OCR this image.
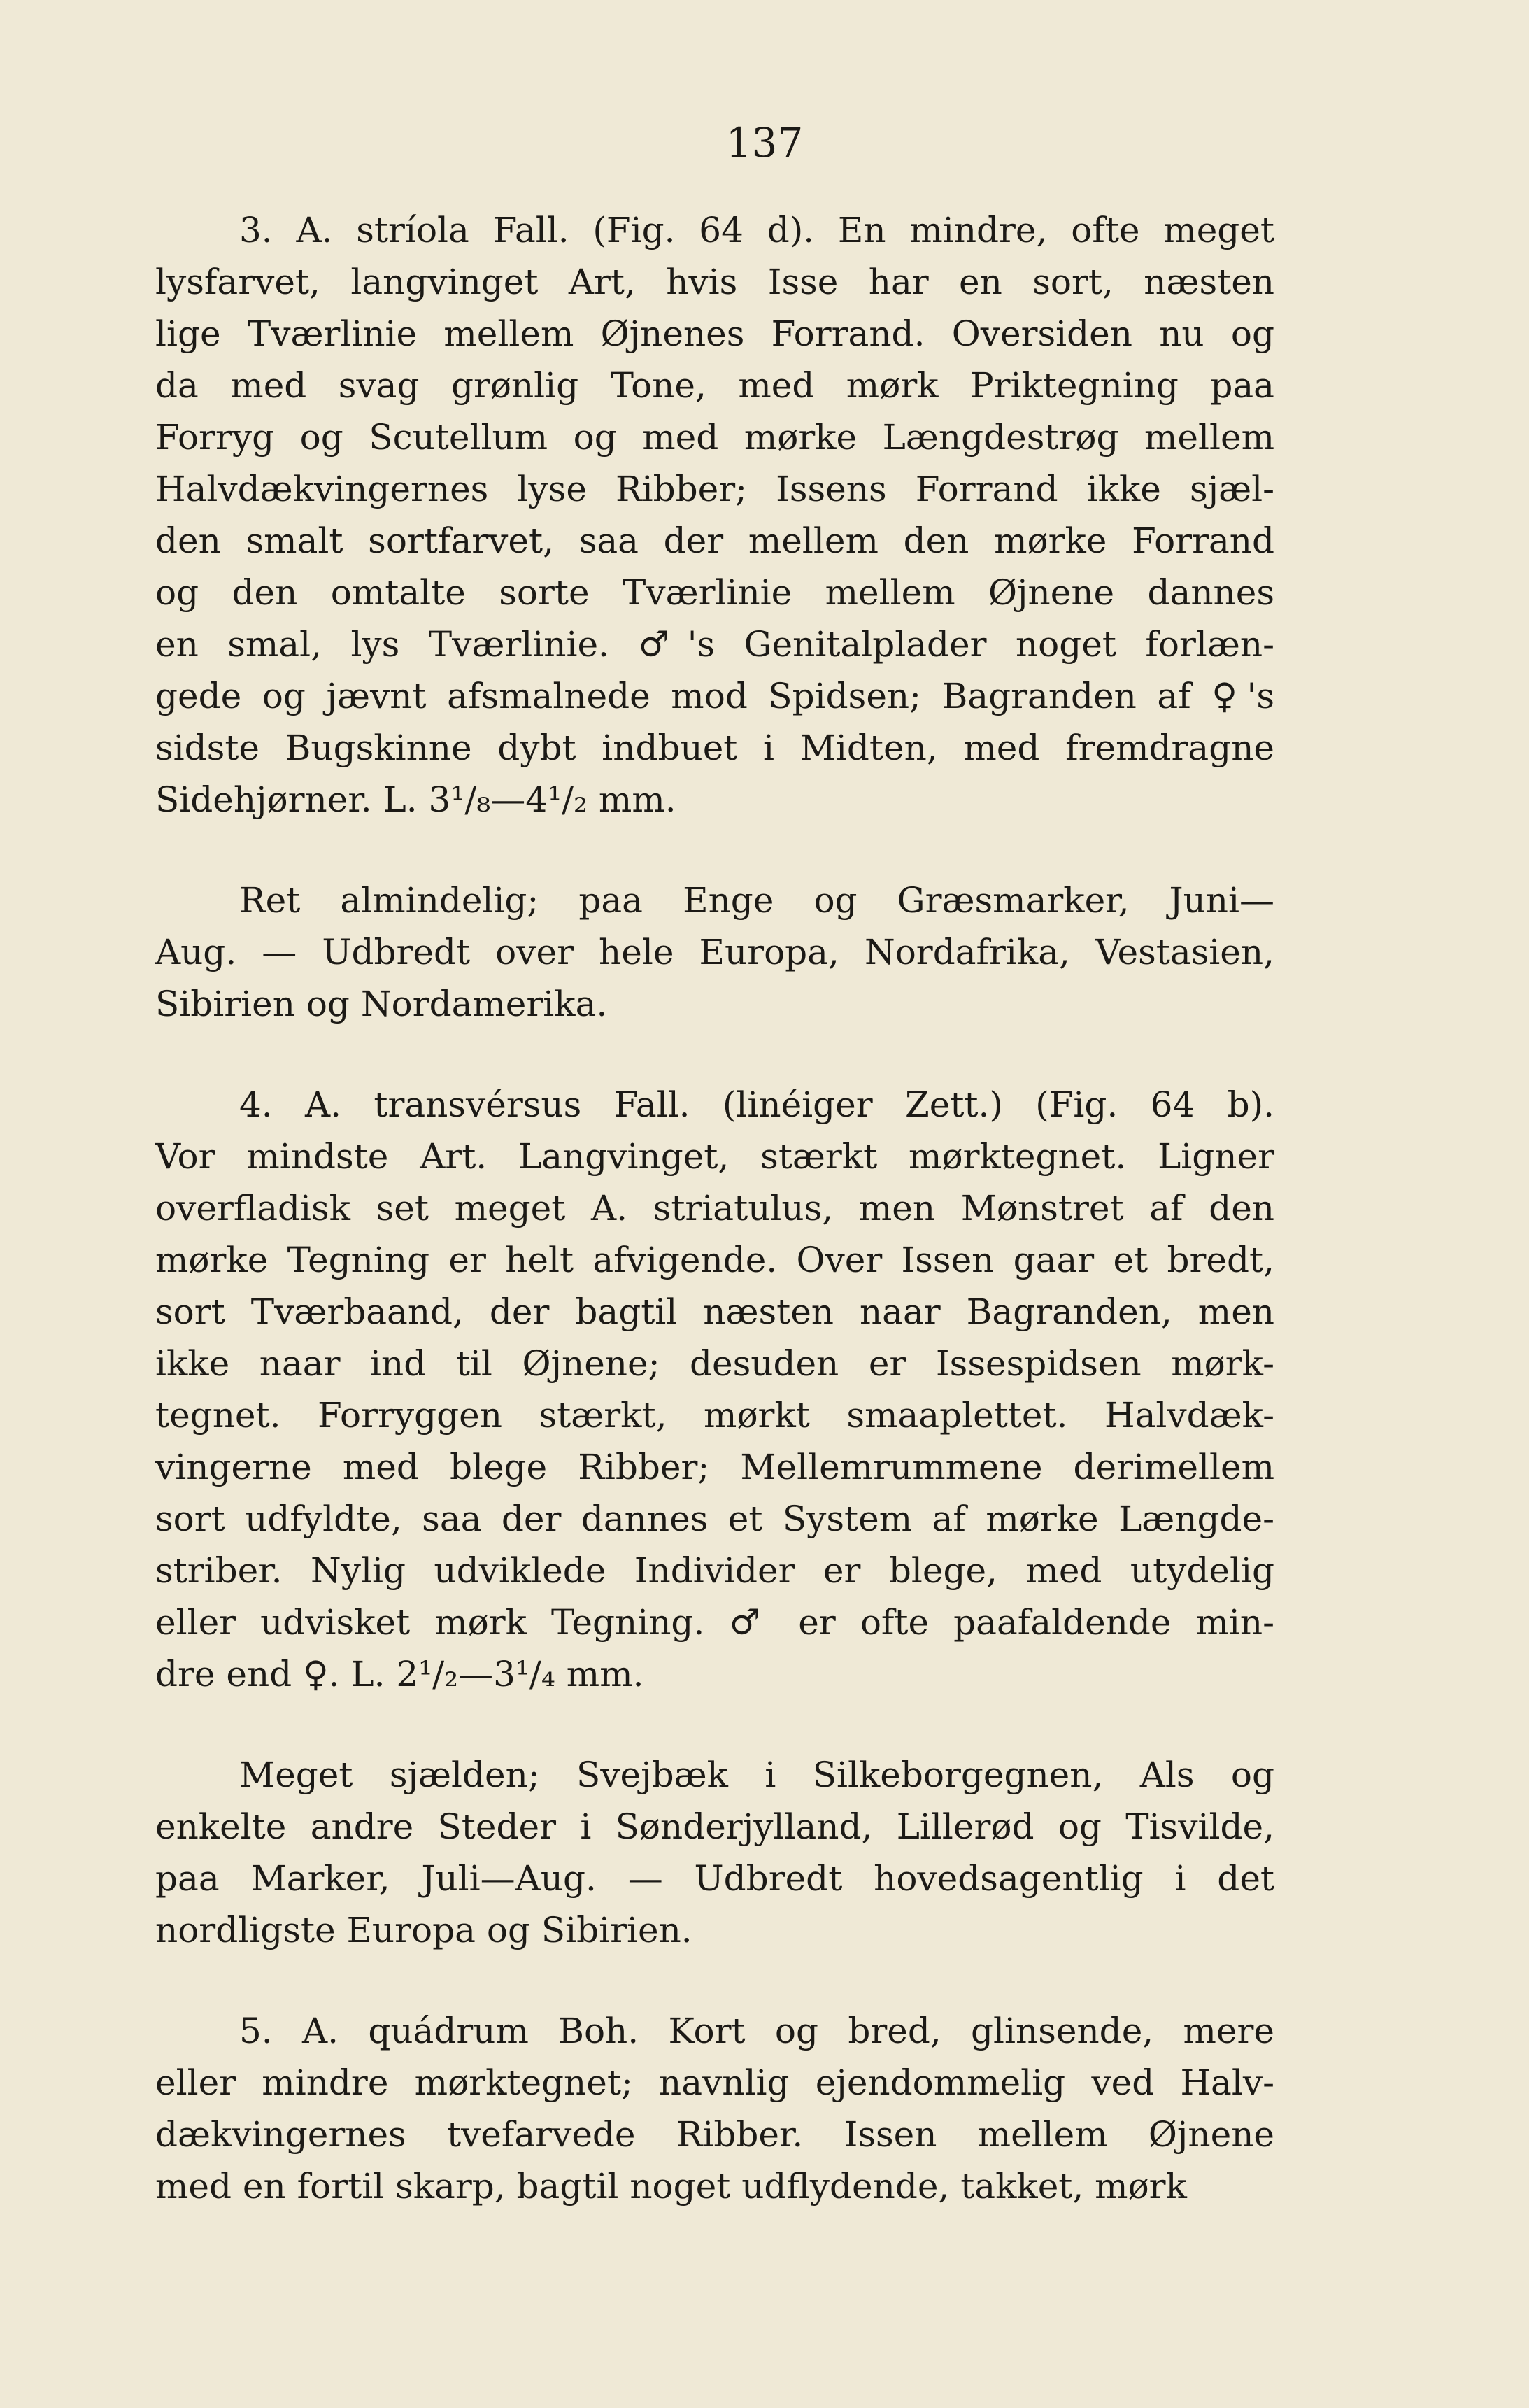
137
3. A. stríola Fall. (Fig. 64 d). En mindre, ofte meget
lysfarvet, langvinget Art, hvis Isse har en sort, næsten
lige Tværlinie mellem Øjnenes Forrand. Oversiden nu og
da med svag grønlig Tone, med mørk Priktegning paa
Forryg og Scutellum og med mørke Længdestrøg mellem
Halvdækvingernes lyse Ribber; Issens Forrand ikke sjæl-
den smalt sortfarvet, saa der mellem den mørke Forrand
og den omtalte sorte Tværlinie mellem Øjnene dannes
en smal, lys Tværlinie. ♂'s Genitalplader noget forlæn-
gede og jævnt afsmalnede mod Spidsen; Bagranden af ♀'s
sidste Bugskinne dybt indbuet i Midten, med fremdragne
Sidehjørner. L. 3¹/₈—4¹/₂ mm.
Ret almindelig; paa Enge og Græsmarker, Juni—
Aug. — Udbredt over hele Europa, Nordafrika, Vestasien,
Sibirien og Nordamerika.
4. A. transvérsus Fall. (linéiger Zett.) (Fig. 64 b).
Vor mindste Art. Langvinget, stærkt mørktegnet. Ligner
overfladisk set meget A. striatulus, men Mønstret af den
mørke Tegning er helt afvigende. Over Issen gaar et bredt,
sort Tværbaand, der bagtil næsten naar Bagranden, men
ikke naar ind til Øjnene; desuden er Issespidsen mørk-
tegnet. Forryggen stærkt, mørkt smaaplettet. Halvdæk-
vingerne med blege Ribber; Mellemrummene derimellem
sort udfyldte, saa der dannes et System af mørke Længde-
striber. Nylig udviklede Individer er blege, med utydelig
eller udvisket mørk Tegning. ♂ er ofte paafaldende min-
dre end ♀. L. 2¹/₂—3¹/₄ mm.
Meget sjælden; Svejbæk i Silkeborgegnen, Als og
enkelte andre Steder i Sønderjylland, Lillerød og Tisvilde,
paa Marker, Juli—Aug. — Udbredt hovedsagentlig i det
nordligste Europa og Sibirien.
5. A. quádrum Boh. Kort og bred, glinsende, mere
eller mindre mørktegnet; navnlig ejendommelig ved Halv-
dækvingernes tvefarvede Ribber. Issen mellem Øjnene
med en fortil skarp, bagtil noget udflydende, takket, mørk
